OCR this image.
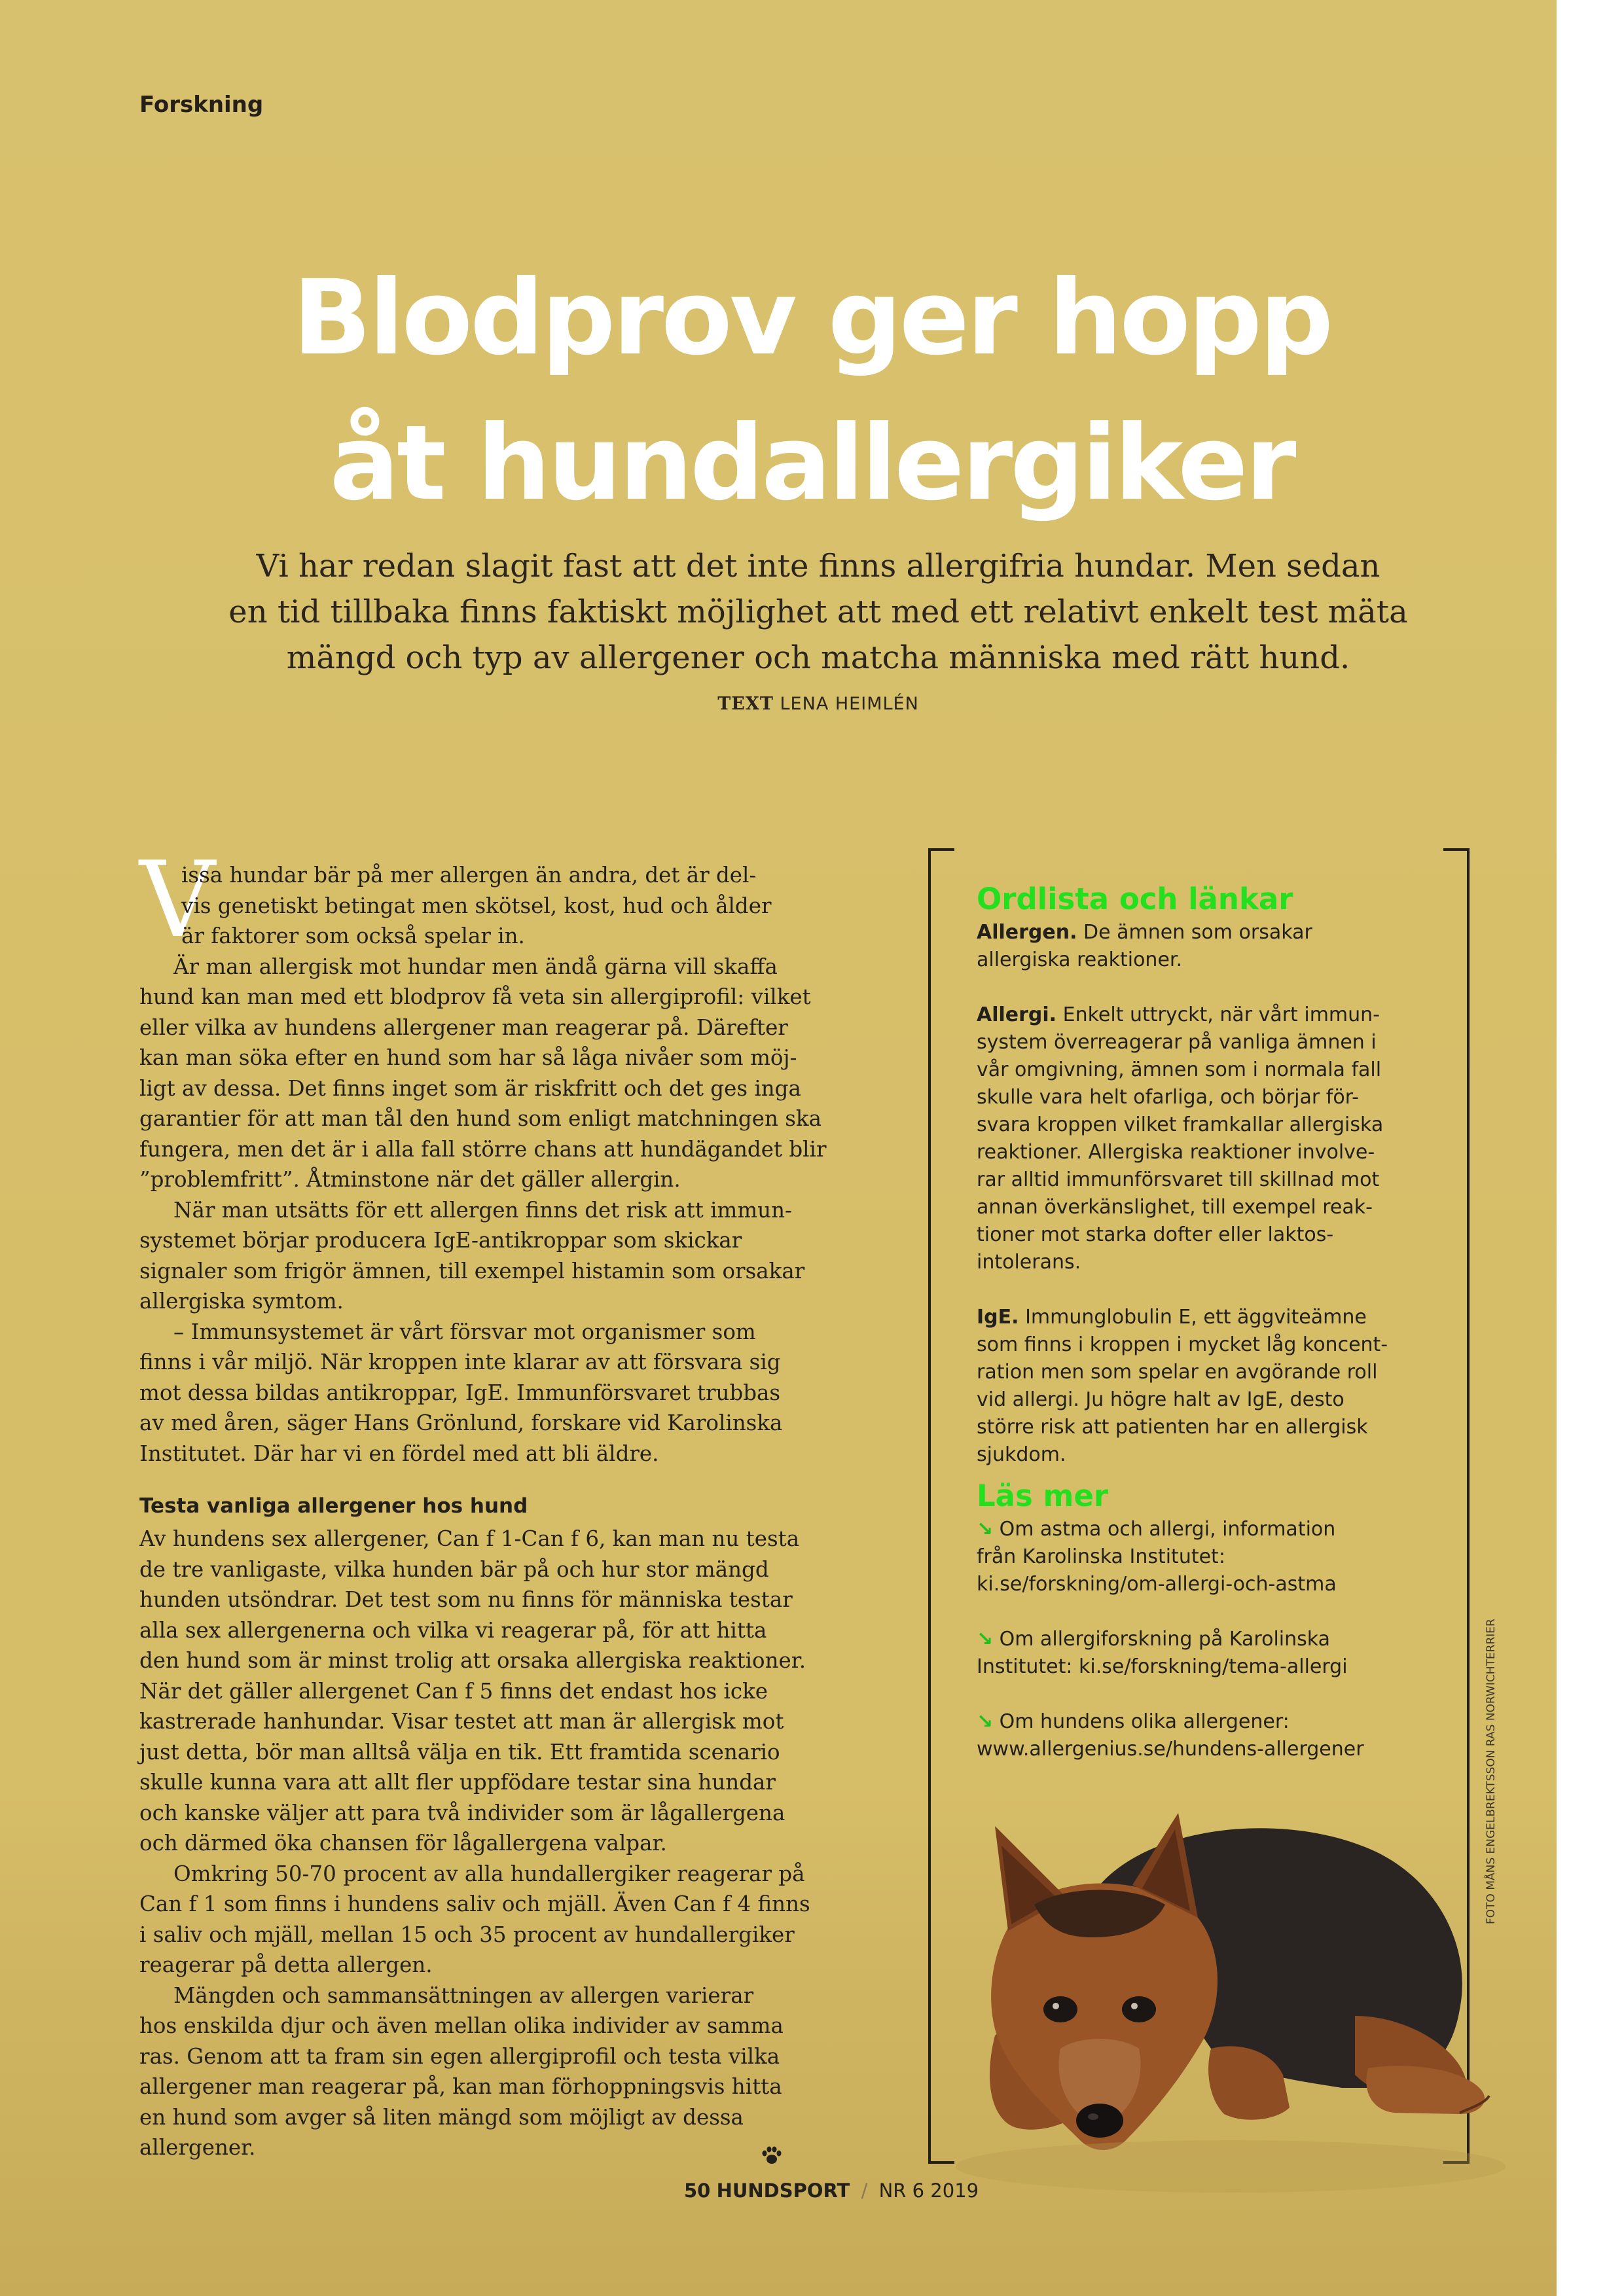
Forskning
Blodprov ger hopp
åt hundallergiker
Vi har redan slagit fast att det inte finns allergifria hundar. Men sedan
en tid tillbaka finns faktiskt möjlighet att med ett relativt enkelt test mäta
mängd och typ av allergener och matcha människa med rätt hund.
TEXT LENA HEIMLÉN
V
issa hundar bär på mer allergen än andra, det är del-
vis genetiskt betingat men skötsel, kost, hud och ålder
är faktorer som också spelar in.
Är man allergisk mot hundar men ändå gärna vill skaffa
hund kan man med ett blodprov få veta sin allergiprofil: vilket
eller vilka av hundens allergener man reagerar på. Därefter
kan man söka efter en hund som har så låga nivåer som möj-
ligt av dessa. Det finns inget som är riskfritt och det ges inga
garantier för att man tål den hund som enligt matchningen ska
fungera, men det är i alla fall större chans att hundägandet blir
”problemfritt”. Åtminstone när det gäller allergin.
När man utsätts för ett allergen finns det risk att immun-
systemet börjar producera IgE-antikroppar som skickar
signaler som frigör ämnen, till exempel histamin som orsakar
allergiska symtom.
– Immunsystemet är vårt försvar mot organismer som
finns i vår miljö. När kroppen inte klarar av att försvara sig
mot dessa bildas antikroppar, IgE. Immunförsvaret trubbas
av med åren, säger Hans Grönlund, forskare vid Karolinska
Institutet. Där har vi en fördel med att bli äldre.
Testa vanliga allergener hos hund
Av hundens sex allergener, Can f 1-Can f 6, kan man nu testa
de tre vanligaste, vilka hunden bär på och hur stor mängd
hunden utsöndrar. Det test som nu finns för människa testar
alla sex allergenerna och vilka vi reagerar på, för att hitta
den hund som är minst trolig att orsaka allergiska reaktioner.
När det gäller allergenet Can f 5 finns det endast hos icke
kastrerade hanhundar. Visar testet att man är allergisk mot
just detta, bör man alltså välja en tik. Ett framtida scenario
skulle kunna vara att allt fler uppfödare testar sina hundar
och kanske väljer att para två individer som är lågallergena
och därmed öka chansen för lågallergena valpar.
Omkring 50-70 procent av alla hundallergiker reagerar på
Can f 1 som finns i hundens saliv och mjäll. Även Can f 4 finns
i saliv och mjäll, mellan 15 och 35 procent av hundallergiker
reagerar på detta allergen.
Mängden och sammansättningen av allergen varierar
hos enskilda djur och även mellan olika individer av samma
ras. Genom att ta fram sin egen allergiprofil och testa vilka
allergener man reagerar på, kan man förhoppningsvis hitta
en hund som avger så liten mängd som möjligt av dessa
allergener.
Ordlista och länkar
Allergen. De ämnen som orsakar
allergiska reaktioner.
Allergi. Enkelt uttryckt, när vårt immun-
system överreagerar på vanliga ämnen i
vår omgivning, ämnen som i normala fall
skulle vara helt ofarliga, och börjar för-
svara kroppen vilket framkallar allergiska
reaktioner. Allergiska reaktioner involve-
rar alltid immunförsvaret till skillnad mot
annan överkänslighet, till exempel reak-
tioner mot starka dofter eller laktos-
intolerans.
IgE. Immunglobulin E, ett äggviteämne
som finns i kroppen i mycket låg koncent-
ration men som spelar en avgörande roll
vid allergi. Ju högre halt av IgE, desto
större risk att patienten har en allergisk
sjukdom.
Läs mer
↘ Om astma och allergi, information
från Karolinska Institutet:
ki.se/forskning/om-allergi-och-astma
↘ Om allergiforskning på Karolinska
Institutet: ki.se/forskning/tema-allergi
↘ Om hundens olika allergener:
www.allergenius.se/hundens-allergener	FOTO MÅNS ENGELBREKTSSON RAS NORWICHTERRIER
50 HUNDSPORT / NR 6 2019
